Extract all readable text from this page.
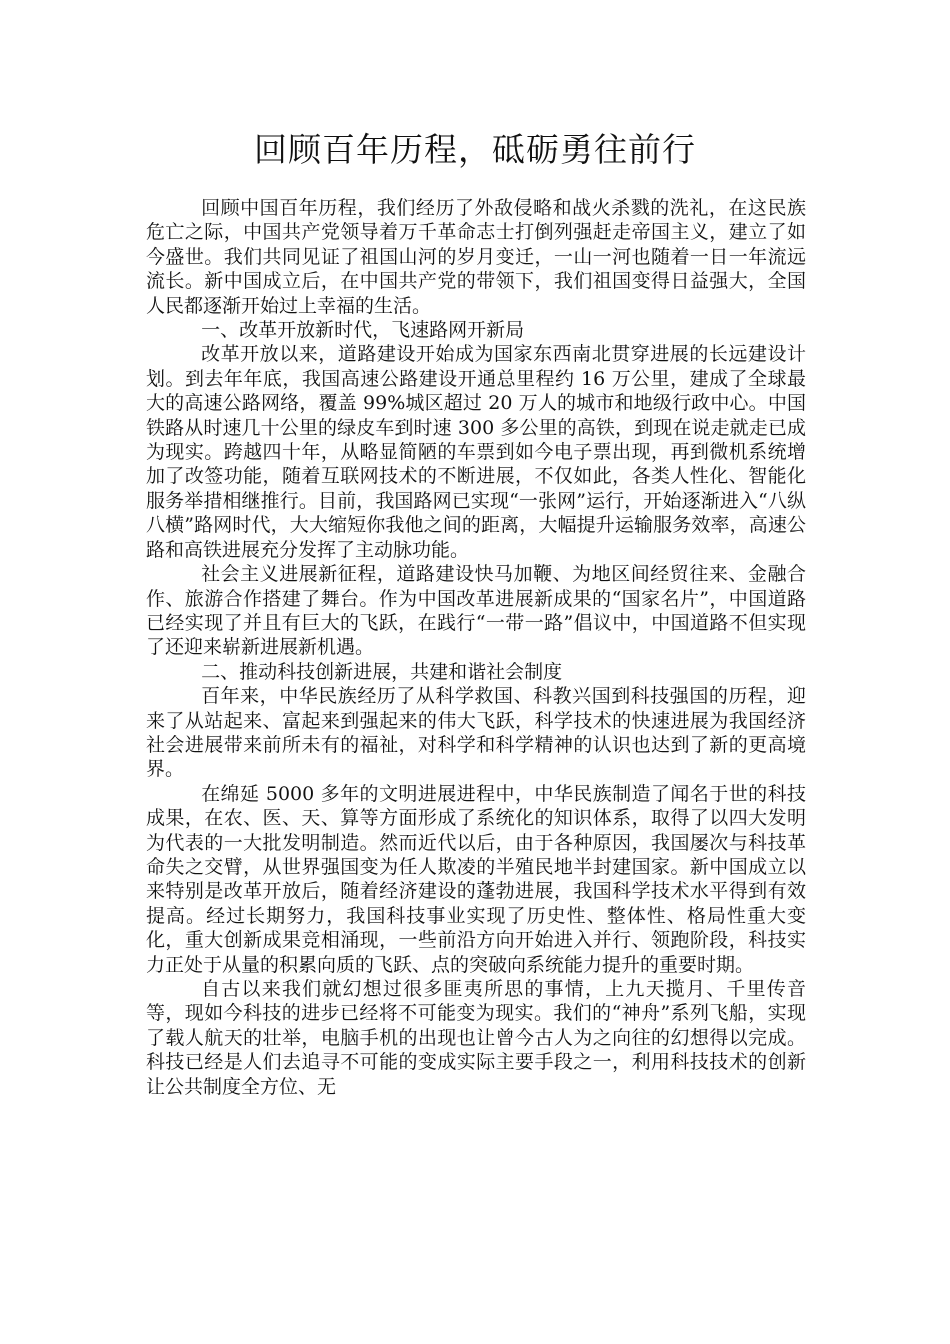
回顾百年历程，砥砺勇往前行

回顾中国百年历程，我们经历了外敌侵略和战火杀戮的洗礼，在这民族危亡之际，中国共产党领导着万千革命志士打倒列强赶走帝国主义，建立了如今盛世。我们共同见证了祖国山河的岁月变迁，一山一河也随着一日一年流远流长。新中国成立后，在中国共产党的带领下，我们祖国变得日益强大，全国人民都逐渐开始过上幸福的生活。

一、改革开放新时代，飞速路网开新局

改革开放以来，道路建设开始成为国家东西南北贯穿进展的长远建设计划。到去年年底，我国高速公路建设开通总里程约 16 万公里，建成了全球最大的高速公路网络，覆盖 99%城区超过 20 万人的城市和地级行政中心。中国铁路从时速几十公里的绿皮车到时速 300 多公里的高铁，到现在说走就走已成为现实。跨越四十年，从略显简陋的车票到如今电子票出现，再到微机系统增加了改签功能，随着互联网技术的不断进展，不仅如此，各类人性化、智能化服务举措相继推行。目前，我国路网已实现“一张网”运行，开始逐渐进入“八纵八横”路网时代，大大缩短你我他之间的距离，大幅提升运输服务效率，高速公路和高铁进展充分发挥了主动脉功能。

社会主义进展新征程，道路建设快马加鞭、为地区间经贸往来、金融合作、旅游合作搭建了舞台。作为中国改革进展新成果的“国家名片”，中国道路已经实现了并且有巨大的飞跃，在践行“一带一路”倡议中，中国道路不但实现了还迎来崭新进展新机遇。

二、推动科技创新进展，共建和谐社会制度

百年来，中华民族经历了从科学救国、科教兴国到科技强国的历程，迎来了从站起来、富起来到强起来的伟大飞跃，科学技术的快速进展为我国经济社会进展带来前所未有的福祉，对科学和科学精神的认识也达到了新的更高境界。

在绵延 5000 多年的文明进展进程中，中华民族制造了闻名于世的科技成果，在农、医、天、算等方面形成了系统化的知识体系，取得了以四大发明为代表的一大批发明制造。然而近代以后，由于各种原因，我国屡次与科技革命失之交臂，从世界强国变为任人欺凌的半殖民地半封建国家。新中国成立以来特别是改革开放后，随着经济建设的蓬勃进展，我国科学技术水平得到有效提高。经过长期努力，我国科技事业实现了历史性、整体性、格局性重大变化，重大创新成果竞相涌现，一些前沿方向开始进入并行、领跑阶段，科技实力正处于从量的积累向质的飞跃、点的突破向系统能力提升的重要时期。

自古以来我们就幻想过很多匪夷所思的事情，上九天揽月、千里传音等，现如今科技的进步已经将不可能变为现实。我们的“神舟”系列飞船，实现了载人航天的壮举，电脑手机的出现也让曾今古人为之向往的幻想得以完成。科技已经是人们去追寻不可能的变成实际主要手段之一，利用科技技术的创新让公共制度全方位、无
